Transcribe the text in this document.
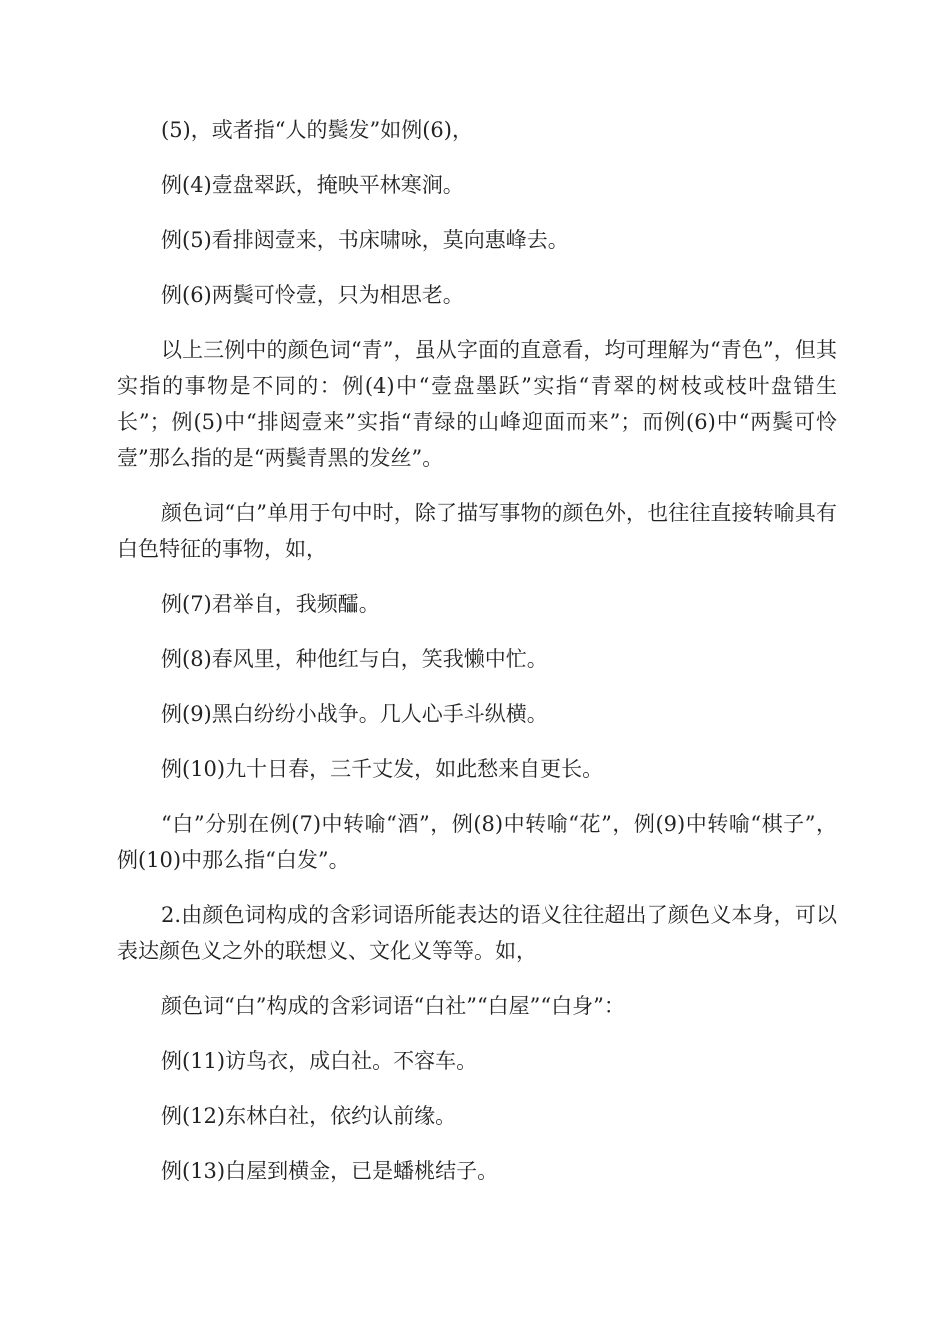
(5)，或者指“人的鬓发”如例(6)，

例(4)壹盘翠跃，掩映平林寒涧。

例(5)看排闼壹来，书床啸咏，莫向惠峰去。

例(6)两鬓可怜壹，只为相思老。

以上三例中的颜色词“青”，虽从字面的直意看，均可理解为“青色”，但其实指的事物是不同的：例(4)中“壹盘墨跃”实指“青翠的树枝或枝叶盘错生长”；例(5)中“排闼壹来”实指“青绿的山峰迎面而来”；而例(6)中“两鬓可怜壹”那么指的是“两鬓青黑的发丝”。

颜色词“白”单用于句中时，除了描写事物的颜色外，也往往直接转喻具有白色特征的事物，如，

例(7)君举自，我频醽。

例(8)春风里，种他红与白，笑我懒中忙。

例(9)黑白纷纷小战争。几人心手斗纵横。

例(10)九十日春，三千丈发，如此愁来自更长。

“白”分别在例(7)中转喻“酒”，例(8)中转喻“花”，例(9)中转喻“棋子”，例(10)中那么指“白发”。

2.由颜色词构成的含彩词语所能表达的语义往往超出了颜色义本身，可以表达颜色义之外的联想义、文化义等等。如，

颜色词“白”构成的含彩词语“白社”“白屋”“白身”：

例(11)访鸟衣，成白社。不容车。

例(12)东林白社，依约认前缘。

例(13)白屋到横金，已是蟠桃结子。
